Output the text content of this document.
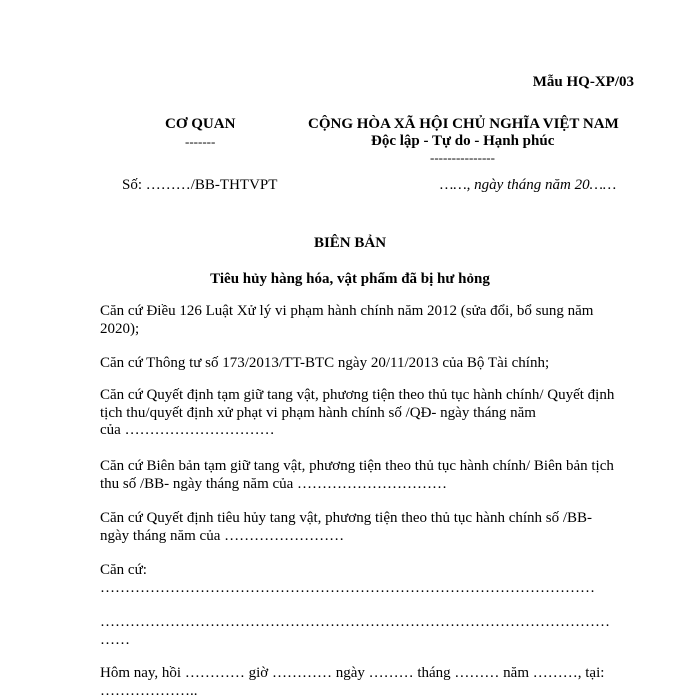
Mẫu HQ-XP/03
CƠ QUAN
-------
CỘNG HÒA XÃ HỘI CHỦ NGHĨA VIỆT NAM
Độc lập - Tự do - Hạnh phúc
---------------
Số: ………/BB-THTVPT	……, ngày tháng năm 20……
BIÊN BẢN
Tiêu hủy hàng hóa, vật phẩm đã bị hư hỏng
Căn cứ Điều 126 Luật Xử lý vi phạm hành chính năm 2012 (sửa đổi, bổ sung năm
2020);
Căn cứ Thông tư số 173/2013/TT-BTC ngày 20/11/2013 của Bộ Tài chính;
Căn cứ Quyết định tạm giữ tang vật, phương tiện theo thủ tục hành chính/ Quyết định
tịch thu/quyết định xử phạt vi phạm hành chính số /QĐ- ngày tháng năm
của …………………………
Căn cứ Biên bản tạm giữ tang vật, phương tiện theo thủ tục hành chính/ Biên bản tịch
thu số /BB- ngày tháng năm của …………………………
Căn cứ Quyết định tiêu hủy tang vật, phương tiện theo thủ tục hành chính số /BB-
ngày tháng năm của ……………………
Căn cứ:
………………………………………………………………………………………
…………………………………………………………………………………………
……
Hôm nay, hồi ………… giờ ………… ngày ……… tháng ……… năm ………, tại:
………………..
